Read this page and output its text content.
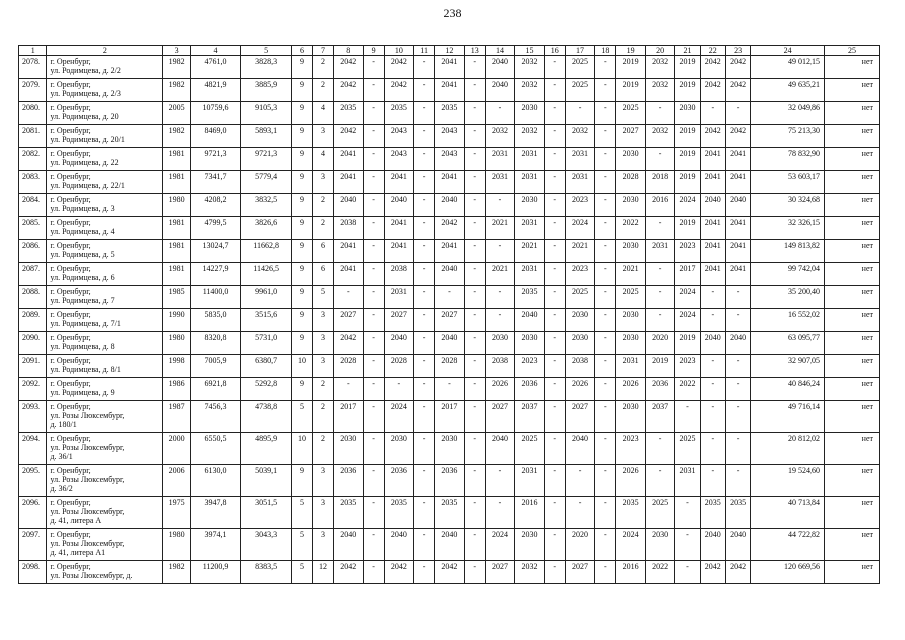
238
1	2	3	4	5	6	7	8	9	10	11	12	13	14	15	16	17	18	19	20	21	22	23	24	25
2078.	г. Оренбург,
ул. Родимцева, д. 2/2	1982	4761,0	3828,3	9	2	2042	-	2042	-	2041	-	2040	2032	-	2025	-	2019	2032	2019	2042	2042	49 012,15	нет
2079.	г. Оренбург,
ул. Родимцева, д. 2/3	1982	4821,9	3885,9	9	2	2042	-	2042	-	2041	-	2040	2032	-	2025	-	2019	2032	2019	2042	2042	49 635,21	нет
2080.	г. Оренбург,
ул. Родимцева, д. 20	2005	10759,6	9105,3	9	4	2035	-	2035	-	2035	-	-	2030	-	-	-	2025	-	2030	-	-	32 049,86	нет
2081.	г. Оренбург,
ул. Родимцева, д. 20/1	1982	8469,0	5893,1	9	3	2042	-	2043	-	2043	-	2032	2032	-	2032	-	2027	2032	2019	2042	2042	75 213,30	нет
2082.	г. Оренбург,
ул. Родимцева, д. 22	1981	9721,3	9721,3	9	4	2041	-	2043	-	2043	-	2031	2031	-	2031	-	2030	-	2019	2041	2041	78 832,90	нет
2083.	г. Оренбург,
ул. Родимцева, д. 22/1	1981	7341,7	5779,4	9	3	2041	-	2041	-	2041	-	2031	2031	-	2031	-	2028	2018	2019	2041	2041	53 603,17	нет
2084.	г. Оренбург,
ул. Родимцева, д. 3	1980	4208,2	3832,5	9	2	2040	-	2040	-	2040	-	-	2030	-	2023	-	2030	2016	2024	2040	2040	30 324,68	нет
2085.	г. Оренбург,
ул. Родимцева, д. 4	1981	4799,5	3826,6	9	2	2038	-	2041	-	2042	-	2021	2031	-	2024	-	2022	-	2019	2041	2041	32 326,15	нет
2086.	г. Оренбург,
ул. Родимцева, д. 5	1981	13024,7	11662,8	9	6	2041	-	2041	-	2041	-	-	2021	-	2021	-	2030	2031	2023	2041	2041	149 813,82	нет
2087.	г. Оренбург,
ул. Родимцева, д. 6	1981	14227,9	11426,5	9	6	2041	-	2038	-	2040	-	2021	2031	-	2023	-	2021	-	2017	2041	2041	99 742,04	нет
2088.	г. Оренбург,
ул. Родимцева, д. 7	1985	11400,0	9961,0	9	5	-	-	2031	-	-	-	-	2035	-	2025	-	2025	-	2024	-	-	35 200,40	нет
2089.	г. Оренбург,
ул. Родимцева, д. 7/1	1990	5835,0	3515,6	9	3	2027	-	2027	-	2027	-	-	2040	-	2030	-	2030	-	2024	-	-	16 552,02	нет
2090.	г. Оренбург,
ул. Родимцева, д. 8	1980	8320,8	5731,0	9	3	2042	-	2040	-	2040	-	2030	2030	-	2030	-	2030	2020	2019	2040	2040	63 095,77	нет
2091.	г. Оренбург,
ул. Родимцева, д. 8/1	1998	7005,9	6380,7	10	3	2028	-	2028	-	2028	-	2038	2023	-	2038	-	2031	2019	2023	-	-	32 907,05	нет
2092.	г. Оренбург,
ул. Родимцева, д. 9	1986	6921,8	5292,8	9	2	-	-	-	-	-	-	2026	2036	-	2026	-	2026	2036	2022	-	-	40 846,24	нет
2093.	г. Оренбург,
ул. Розы Люксембург,
д. 180/1	1987	7456,3	4738,8	5	2	2017	-	2024	-	2017	-	2027	2037	-	2027	-	2030	2037	-	-	-	49 716,14	нет
2094.	г. Оренбург,
ул. Розы Люксембург,
д. 36/1	2000	6550,5	4895,9	10	2	2030	-	2030	-	2030	-	2040	2025	-	2040	-	2023	-	2025	-	-	20 812,02	нет
2095.	г. Оренбург,
ул. Розы Люксембург,
д. 36/2	2006	6130,0	5039,1	9	3	2036	-	2036	-	2036	-	-	2031	-	-	-	2026	-	2031	-	-	19 524,60	нет
2096.	г. Оренбург,
ул. Розы Люксембург,
д. 41, литера А	1975	3947,8	3051,5	5	3	2035	-	2035	-	2035	-	-	2016	-	-	-	2035	2025	-	2035	2035	40 713,84	нет
2097.	г. Оренбург,
ул. Розы Люксембург,
д. 41, литера А1	1980	3974,1	3043,3	5	3	2040	-	2040	-	2040	-	2024	2030	-	2020	-	2024	2030	-	2040	2040	44 722,82	нет
2098.	г. Оренбург,
ул. Розы Люксембург, д.	1982	11200,9	8383,5	5	12	2042	-	2042	-	2042	-	2027	2032	-	2027	-	2016	2022	-	2042	2042	120 669,56	нет
